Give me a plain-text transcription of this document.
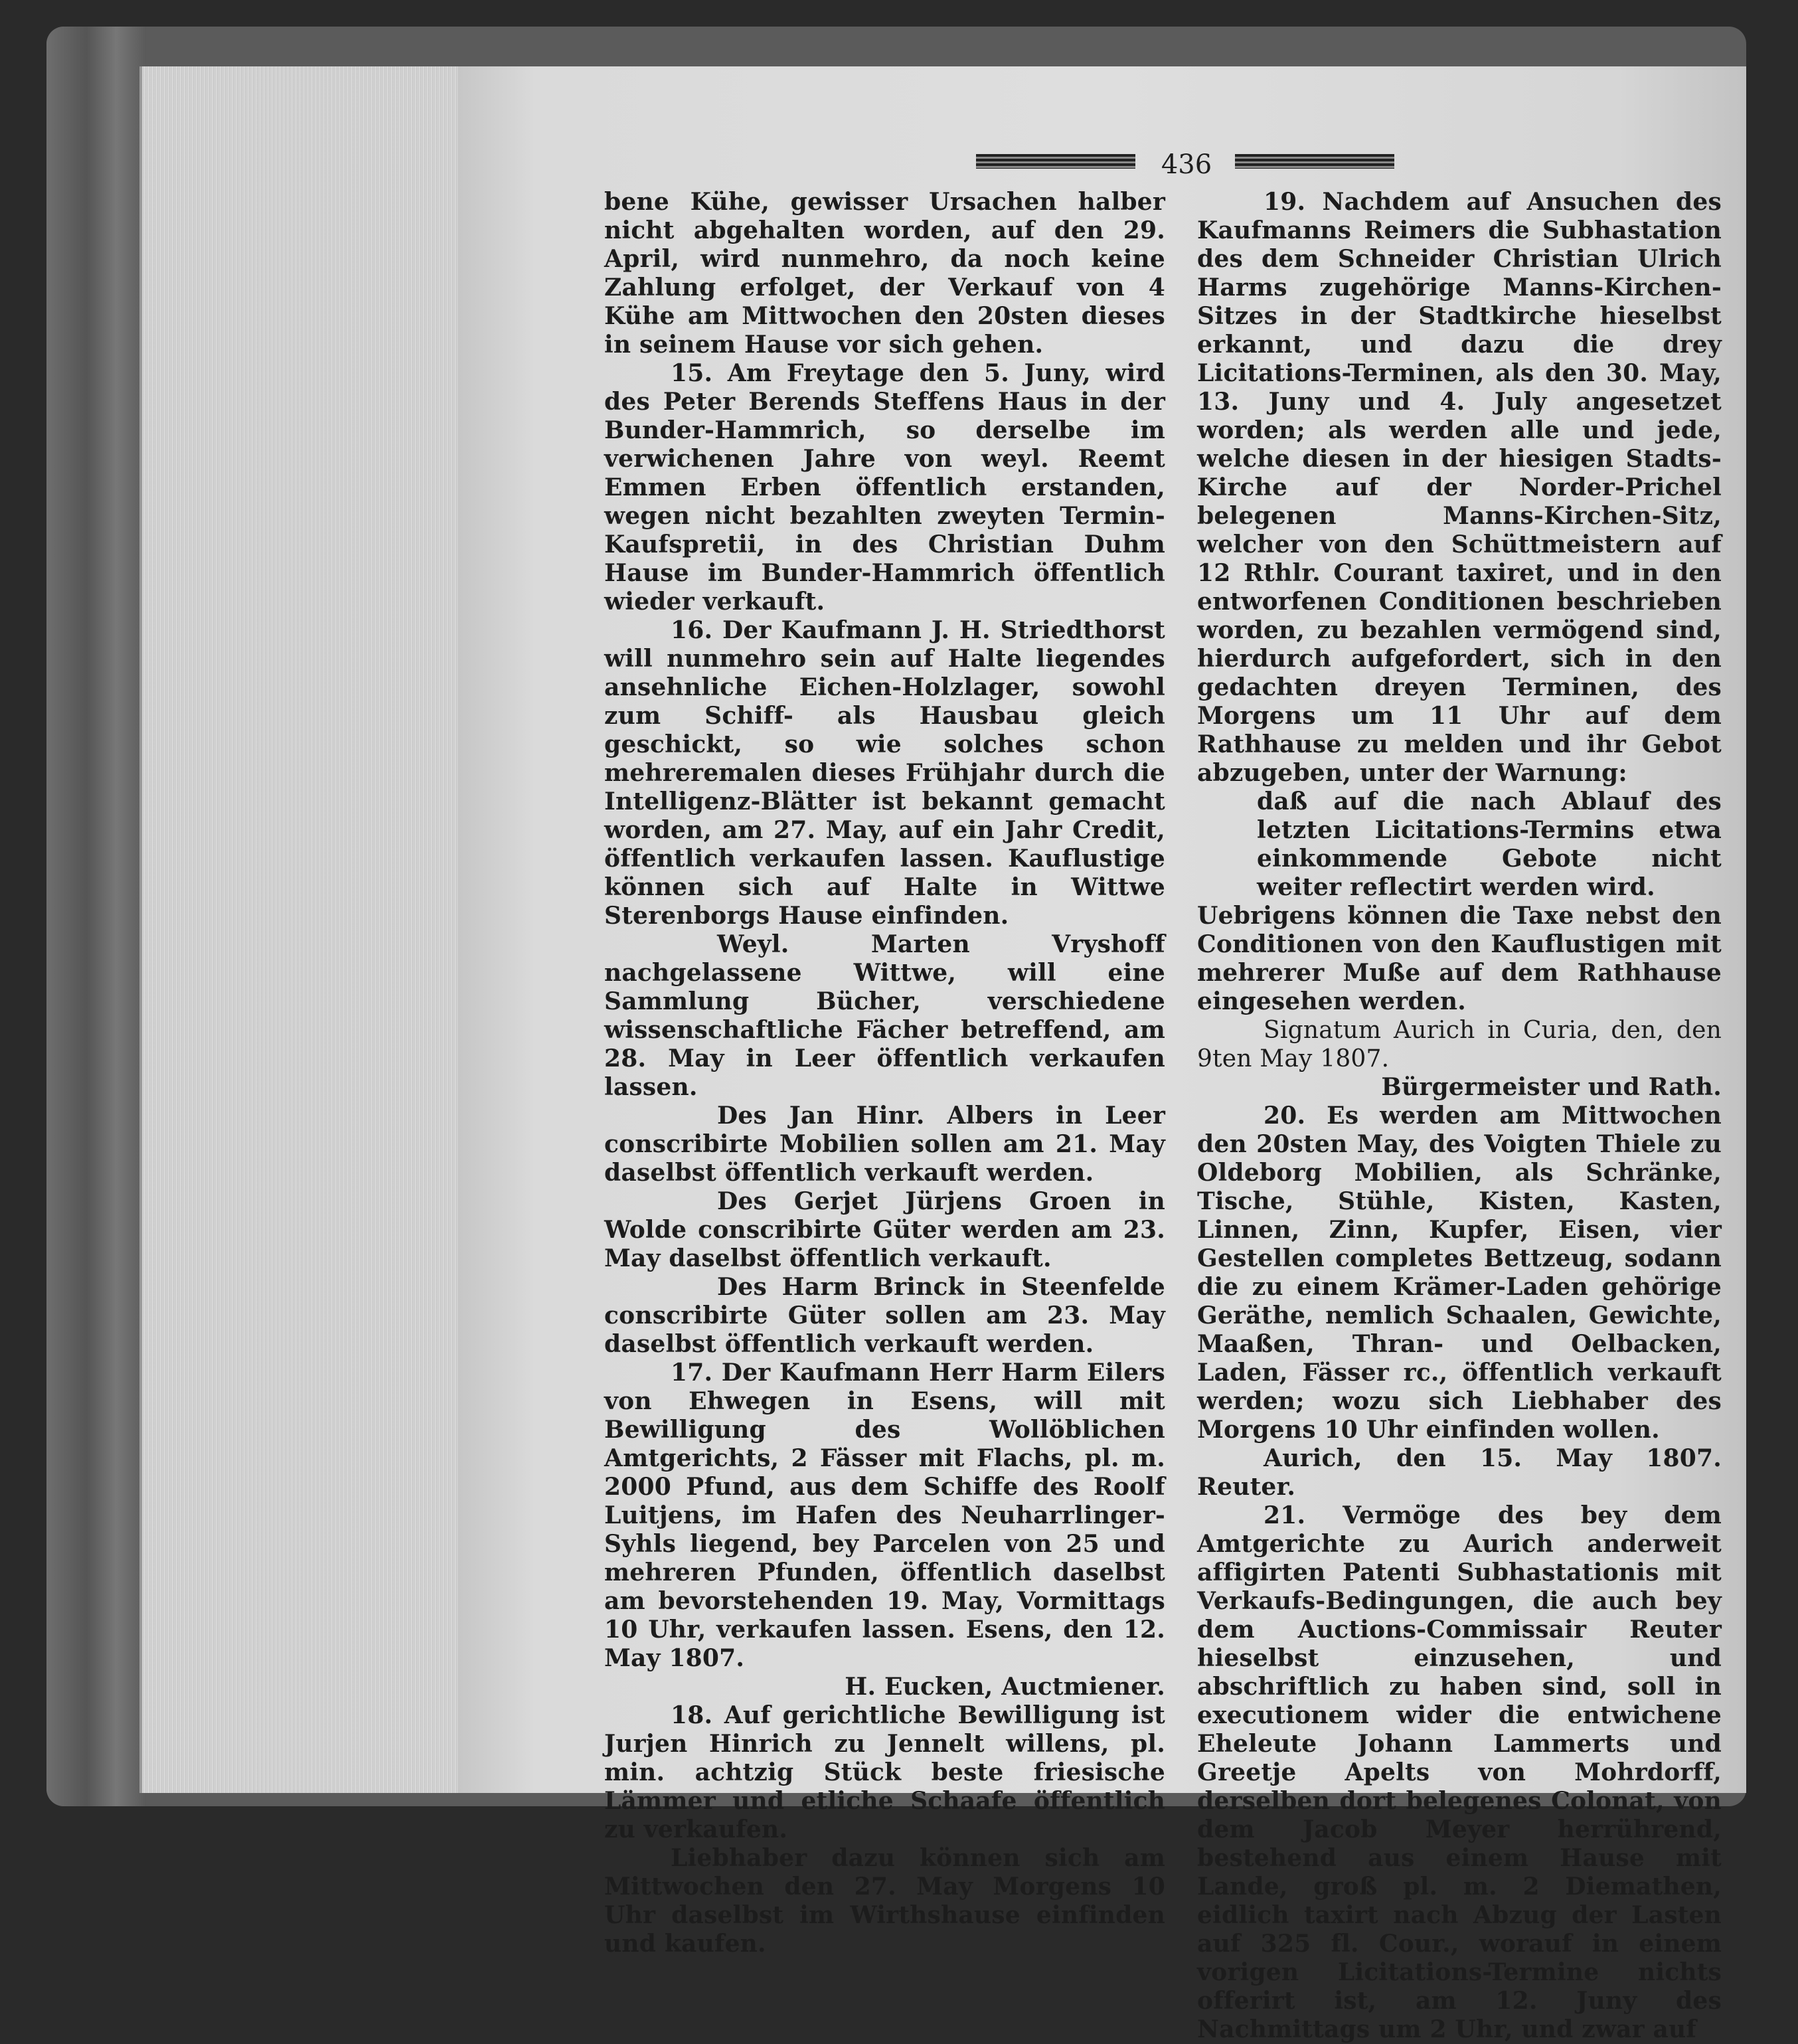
436

bene Kühe, gewisser Ursachen halber nicht abgehalten worden, auf den 29. April, wird nunmehro, da noch keine Zahlung erfolget, der Verkauf von 4 Kühe am Mittwochen den 20sten dieses in seinem Hause vor sich gehen.

15. Am Freytage den 5. Juny, wird des Peter Berends Steffens Haus in der Bunder-Hammrich, so derselbe im verwichenen Jahre von weyl. Reemt Emmen Erben öffentlich erstanden, wegen nicht bezahlten zweyten Termin-Kaufspretii, in des Christian Duhm Hause im Bunder-Hammrich öffentlich wieder verkauft.

16. Der Kaufmann J. H. Striedthorst will nunmehro sein auf Halte liegendes ansehnliche Eichen-Holzlager, sowohl zum Schiff- als Hausbau gleich geschickt, so wie solches schon mehreremalen dieses Frühjahr durch die Intelligenz-Blätter ist bekannt gemacht worden, am 27. May, auf ein Jahr Credit, öffentlich verkaufen lassen. Kauflustige können sich auf Halte in Wittwe Sterenborgs Hause einfinden.

Weyl. Marten Vryshoff nachgelassene Wittwe, will eine Sammlung Bücher, verschiedene wissenschaftliche Fächer betreffend, am 28. May in Leer öffentlich verkaufen lassen.

Des Jan Hinr. Albers in Leer conscribirte Mobilien sollen am 21. May daselbst öffentlich verkauft werden.

Des Gerjet Jürjens Groen in Wolde conscribirte Güter werden am 23. May daselbst öffentlich verkauft.

Des Harm Brinck in Steenfelde conscribirte Güter sollen am 23. May daselbst öffentlich verkauft werden.

17. Der Kaufmann Herr Harm Eilers von Ehwegen in Esens, will mit Bewilligung des Wollöblichen Amtgerichts, 2 Fässer mit Flachs, pl. m. 2000 Pfund, aus dem Schiffe des Roolf Luitjens, im Hafen des Neuharrlinger-Syhls liegend, bey Parcelen von 25 und mehreren Pfunden, öffentlich daselbst am bevorstehenden 19. May, Vormittags 10 Uhr, verkaufen lassen. Esens, den 12. May 1807.

H. Eucken, Auctmiener.

18. Auf gerichtliche Bewilligung ist Jurjen Hinrich zu Jennelt willens, pl. min. achtzig Stück beste friesische Lämmer und etliche Schaafe öffentlich zu verkaufen.

Liebhaber dazu können sich am Mittwochen den 27. May Morgens 10 Uhr daselbst im Wirthshause einfinden und kaufen.

19. Nachdem auf Ansuchen des Kaufmanns Reimers die Subhastation des dem Schneider Christian Ulrich Harms zugehörige Manns-Kirchen-Sitzes in der Stadtkirche hieselbst erkannt, und dazu die drey Licitations-Terminen, als den 30. May, 13. Juny und 4. July angesetzet worden; als werden alle und jede, welche diesen in der hiesigen Stadts-Kirche auf der Norder-Prichel belegenen Manns-Kirchen-Sitz, welcher von den Schüttmeistern auf 12 Rthlr. Courant taxiret, und in den entworfenen Conditionen beschrieben worden, zu bezahlen vermögend sind, hierdurch aufgefordert, sich in den gedachten dreyen Terminen, des Morgens um 11 Uhr auf dem Rathhause zu melden und ihr Gebot abzugeben, unter der Warnung:

daß auf die nach Ablauf des letzten Licitations-Termins etwa einkommende Gebote nicht weiter reflectirt werden wird.

Uebrigens können die Taxe nebst den Conditionen von den Kauflustigen mit mehrerer Muße auf dem Rathhause eingesehen werden.

Signatum Aurich in Curia, den, den 9ten May 1807.

Bürgermeister und Rath.

20. Es werden am Mittwochen den 20sten May, des Voigten Thiele zu Oldeborg Mobilien, als Schränke, Tische, Stühle, Kisten, Kasten, Linnen, Zinn, Kupfer, Eisen, vier Gestellen completes Bettzeug, sodann die zu einem Krämer-Laden gehörige Geräthe, nemlich Schaalen, Gewichte, Maaßen, Thran- und Oelbacken, Laden, Fässer rc., öffentlich verkauft werden; wozu sich Liebhaber des Morgens 10 Uhr einfinden wollen.

Aurich, den 15. May 1807. Reuter.

21. Vermöge des bey dem Amtgerichte zu Aurich anderweit affigirten Patenti Subhastationis mit Verkaufs-Bedingungen, die auch bey dem Auctions-Commissair Reuter hieselbst einzusehen, und abschriftlich zu haben sind, soll in executionem wider die entwichene Eheleute Johann Lammerts und Greetje Apelts von Mohrdorff, derselben dort belegenes Colonat, von dem Jacob Meyer herrührend, bestehend aus einem Hause mit Lande, groß pl. m. 2 Diemathen, eidlich taxirt nach Abzug der Lasten auf 325 fl. Cour., worauf in einem vorigen Licitations-Termine nichts offerirt ist, am 12. Juny des Nachmittags um 2 Uhr, und zwar auf
